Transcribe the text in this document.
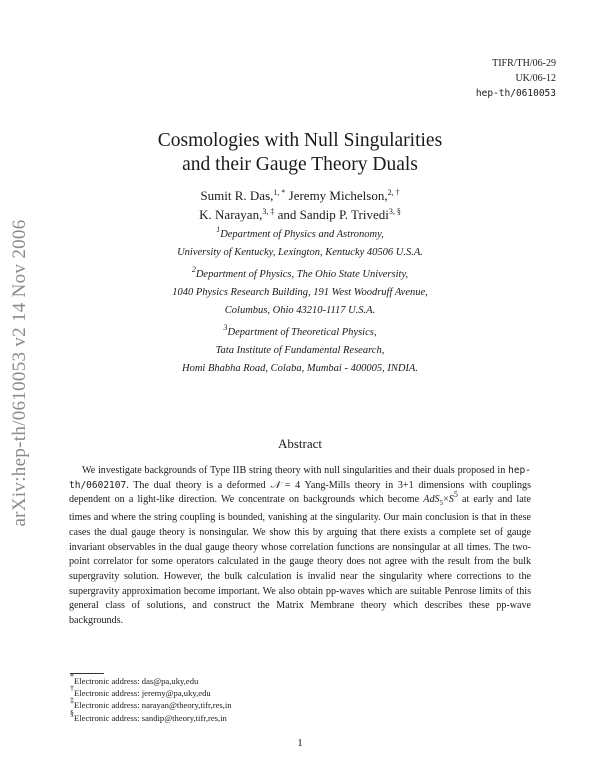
TIFR/TH/06-29
UK/06-12
hep-th/0610053
arXiv:hep-th/0610053 v2 14 Nov 2006
Cosmologies with Null Singularities
and their Gauge Theory Duals
Sumit R. Das,$^{1, *}$ Jeremy Michelson,$^{2, \dagger}$
K. Narayan,$^{3, \ddagger}$ and Sandip P. Trivedi$^{3, \S}$
$^1$Department of Physics and Astronomy,
University of Kentucky, Lexington, Kentucky 40506 U.S.A.
$^2$Department of Physics, The Ohio State University,
1040 Physics Research Building, 191 West Woodruff Avenue,
Columbus, Ohio 43210-1117 U.S.A.
$^3$Department of Theoretical Physics,
Tata Institute of Fundamental Research,
Homi Bhabha Road, Colaba, Mumbai - 400005, INDIA.
Abstract

We investigate backgrounds of Type IIB string theory with null singularities and their duals proposed in hep-th/0602107. The dual theory is a deformed 𝒩 = 4 Yang-Mills theory in 3+1 dimensions with couplings dependent on a light-like direction. We concentrate on backgrounds which become $AdS_5\times S^5$ at early and late times and where the string coupling is bounded, vanishing at the singularity. Our main conclusion is that in these cases the dual gauge theory is nonsingular. We show this by arguing that there exists a complete set of gauge invariant observables in the dual gauge theory whose correlation functions are nonsingular at all times. The two-point correlator for some operators calculated in the gauge theory does not agree with the result from the bulk supergravity solution. However, the bulk calculation is invalid near the singularity where corrections to the supergravity approximation become important. We also obtain pp-waves which are suitable Penrose limits of this general class of solutions, and construct the Matrix Membrane theory which describes these pp-wave backgrounds.

*Electronic address: das@pa,uky,edu
†Electronic address: jeremy@pa,uky,edu
‡Electronic address: narayan@theory,tifr,res,in
§Electronic address: sandip@theory,tifr,res,in
1
